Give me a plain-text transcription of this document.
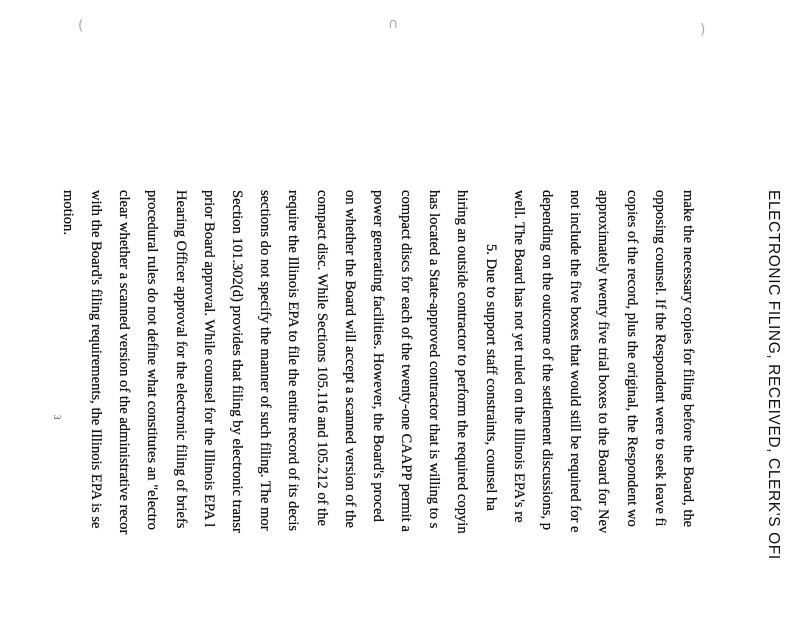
(	∩	)
ELECTRONIC FILING, RECEIVED, CLERK'S OFI
make the necessary copies for filing before the Board, the
opposing counsel. If the Respondent were to seek leave fi
copies of the record, plus the original, the Respondent wo
approximately twenty five trial boxes to the Board for Nev
not include the five boxes that would still be required for e
depending on the outcome of the settlement discussions, p
well. The Board has not yet ruled on the Illinois EPA's re
5. Due to support staff constraints, counsel ha
hiring an outside contractor to perform the required copyin
has located a State-approved contractor that is willing to s
compact discs for each of the twenty-one CAAPP permit a
power generating facilities. However, the Board's proced
on whether the Board will accept a scanned version of the
compact disc. While Sections 105.116 and 105.212 of the
require the Illinois EPA to file the entire record of its decis
sections do not specify the manner of such filing. The mor
Section 101.302(d) provides that filing by electronic transr
prior Board approval. While counsel for the Illinois EPA l
Hearing Officer approval for the electronic filing of briefs
procedural rules do not define what constitutes an "electro
clear whether a scanned version of the administrative recor
with the Board's filing requirements, the Illinois EPA is se
motion.
3
